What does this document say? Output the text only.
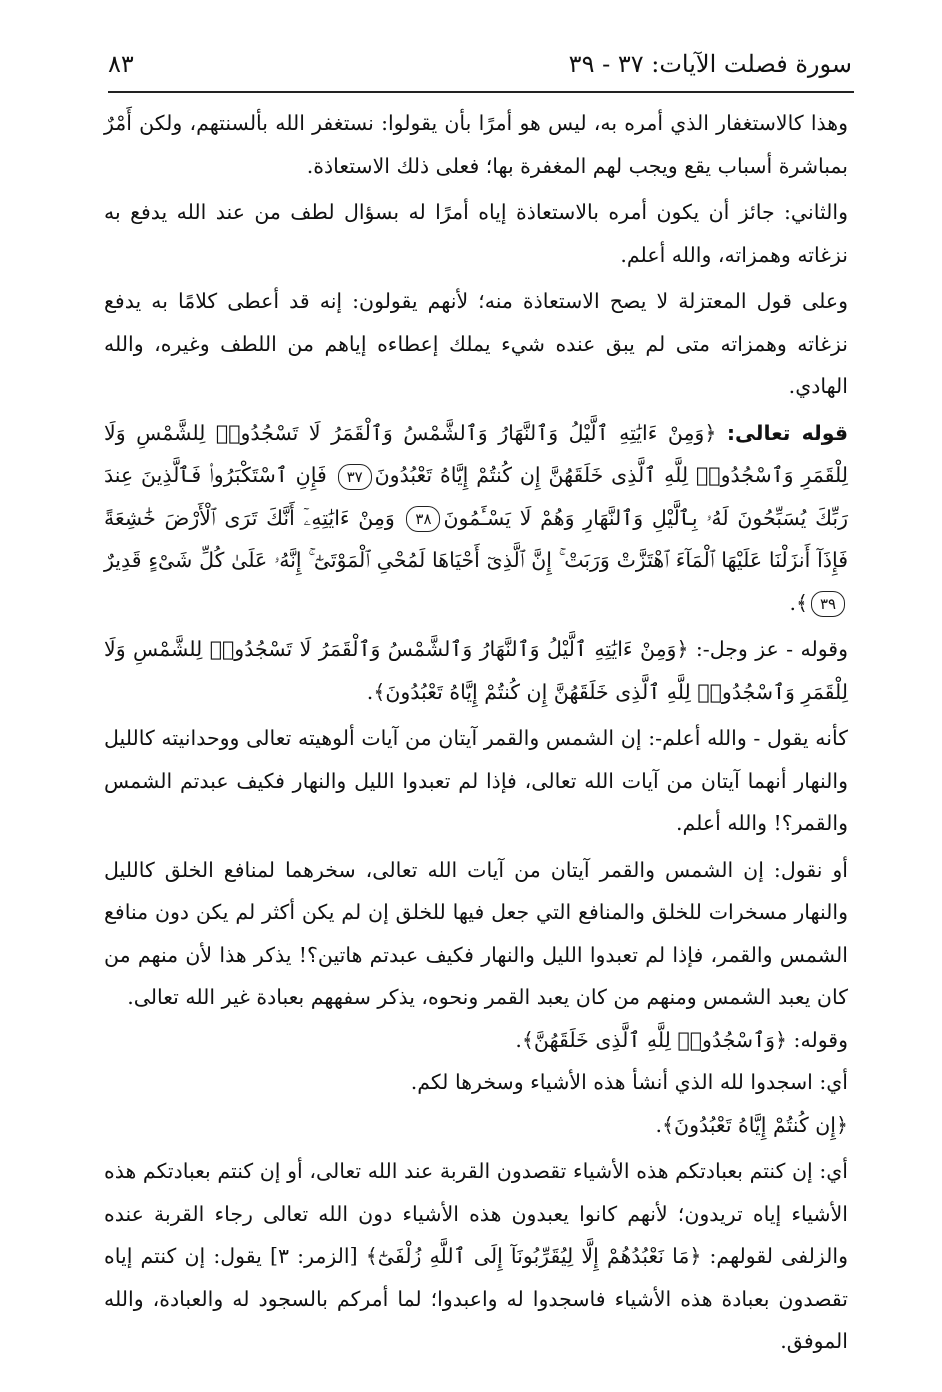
سورة فصلت الآيات: ٣٧ - ٣٩
٨٣

وهذا كالاستغفار الذي أمره به، ليس هو أمرًا بأن يقولوا: نستغفر الله بألسنتهم، ولكن أَمْرٌ بمباشرة أسباب يقع ويجب لهم المغفرة بها؛ فعلى ذلك الاستعاذة.

والثاني: جائز أن يكون أمره بالاستعاذة إياه أمرًا له بسؤال لطف من عند الله يدفع به نزغاته وهمزاته، والله أعلم.

وعلى قول المعتزلة لا يصح الاستعاذة منه؛ لأنهم يقولون: إنه قد أعطى كلامًا به يدفع نزغاته وهمزاته متى لم يبق عنده شيء يملك إعطاءه إياهم من اللطف وغيره، والله الهادي.

قوله تعالى: ﴿وَمِنْ ءَايَٰتِهِ ٱلَّيْلُ وَٱلنَّهَارُ وَٱلشَّمْسُ وَٱلْقَمَرُ لَا تَسْجُدُوا۟ لِلشَّمْسِ وَلَا لِلْقَمَرِ وَٱسْجُدُوا۟ لِلَّهِ ٱلَّذِى خَلَقَهُنَّ إِن كُنتُمْ إِيَّاهُ تَعْبُدُونَ٣٧ فَإِنِ ٱسْتَكْبَرُوا۟ فَٱلَّذِينَ عِندَ رَبِّكَ يُسَبِّحُونَ لَهُۥ بِٱلَّيْلِ وَٱلنَّهَارِ وَهُمْ لَا يَسْـَٔمُونَ٣٨ وَمِنْ ءَايَٰتِهِۦٓ أَنَّكَ تَرَى ٱلْأَرْضَ خَٰشِعَةً فَإِذَآ أَنزَلْنَا عَلَيْهَا ٱلْمَآءَ ٱهْتَزَّتْ وَرَبَتْ ۚ إِنَّ ٱلَّذِىٓ أَحْيَاهَا لَمُحْىِ ٱلْمَوْتَىٰٓ ۚ إِنَّهُۥ عَلَىٰ كُلِّ شَىْءٍ قَدِيرٌ٣٩﴾.

وقوله - عز وجل-: ﴿وَمِنْ ءَايَٰتِهِ ٱلَّيْلُ وَٱلنَّهَارُ وَٱلشَّمْسُ وَٱلْقَمَرُ لَا تَسْجُدُوا۟ لِلشَّمْسِ وَلَا لِلْقَمَرِ وَٱسْجُدُوا۟ لِلَّهِ ٱلَّذِى خَلَقَهُنَّ إِن كُنتُمْ إِيَّاهُ تَعْبُدُونَ﴾.

كأنه يقول - والله أعلم-: إن الشمس والقمر آيتان من آيات ألوهيته تعالى ووحدانيته كالليل والنهار أنهما آيتان من آيات الله تعالى، فإذا لم تعبدوا الليل والنهار فكيف عبدتم الشمس والقمر؟! والله أعلم.

أو نقول: إن الشمس والقمر آيتان من آيات الله تعالى، سخرهما لمنافع الخلق كالليل والنهار مسخرات للخلق والمنافع التي جعل فيها للخلق إن لم يكن أكثر لم يكن دون منافع الشمس والقمر، فإذا لم تعبدوا الليل والنهار فكيف عبدتم هاتين؟! يذكر هذا لأن منهم من كان يعبد الشمس ومنهم من كان يعبد القمر ونحوه، يذكر سفههم بعبادة غير الله تعالى.

وقوله: ﴿وَٱسْجُدُوا۟ لِلَّهِ ٱلَّذِى خَلَقَهُنَّ﴾.

أي: اسجدوا لله الذي أنشأ هذه الأشياء وسخرها لكم.

﴿إِن كُنتُمْ إِيَّاهُ تَعْبُدُونَ﴾.

أي: إن كنتم بعبادتكم هذه الأشياء تقصدون القربة عند الله تعالى، أو إن كنتم بعبادتكم هذه الأشياء إياه تريدون؛ لأنهم كانوا يعبدون هذه الأشياء دون الله تعالى رجاء القربة عنده والزلفى لقولهم: ﴿مَا نَعْبُدُهُمْ إِلَّا لِيُقَرِّبُونَآ إِلَى ٱللَّهِ زُلْفَىٰٓ﴾ [الزمر: ٣] يقول: إن كنتم إياه تقصدون بعبادة هذه الأشياء فاسجدوا له واعبدوا؛ لما أمركم بالسجود له والعبادة، والله الموفق.
